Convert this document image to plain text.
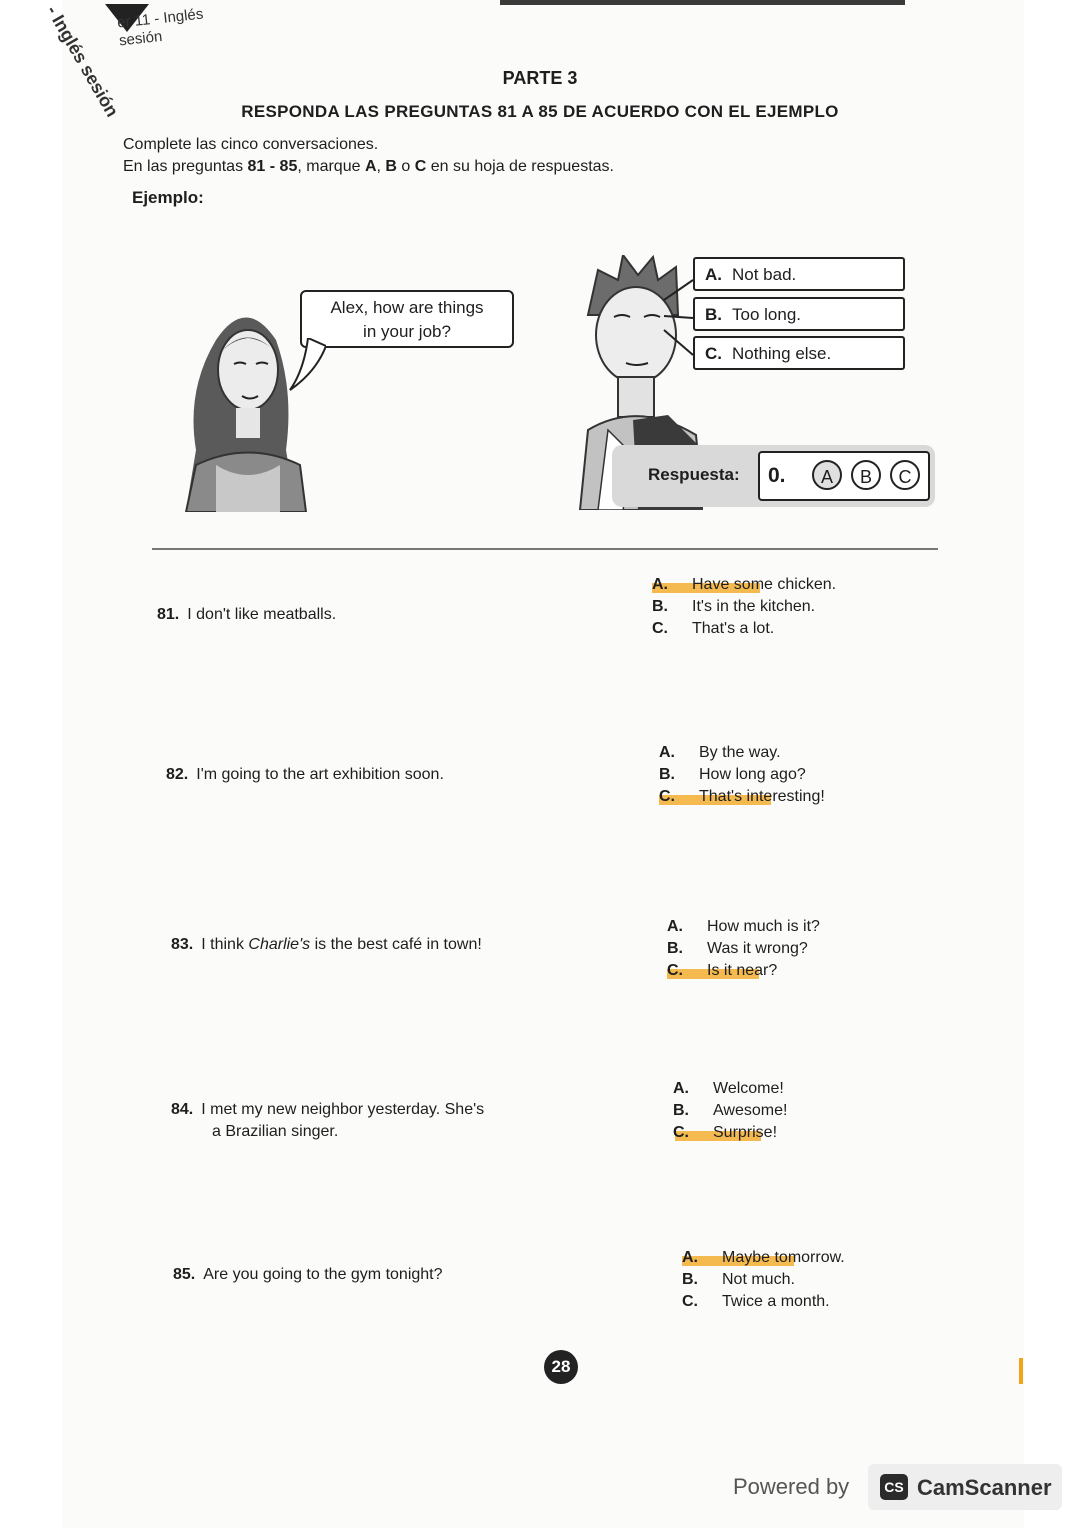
- Inglés sesión
er 11 - Inglés
sesión
PARTE 3
RESPONDA LAS PREGUNTAS 81 A 85 DE ACUERDO CON EL EJEMPLO
Complete las cinco conversaciones.
En las preguntas 81 - 85, marque A, B o C en su hoja de respuestas.
Ejemplo:
Alex, how are things
in your job?
A. Not bad.
B. Too long.
C. Nothing else.
Respuesta: 0.	A	B	C
81. I don't like meatballs.
A. Have some chicken.
B. It's in the kitchen.
C. That's a lot.
82. I'm going to the art exhibition soon.
A. By the way.
B. How long ago?
C. That's interesting!
83. I think Charlie's is the best café in town!
A. How much is it?
B. Was it wrong?
C. Is it near?
84. I met my new neighbor yesterday. She's
a Brazilian singer.
A. Welcome!
B. Awesome!
C. Surprise!
85. Are you going to the gym tonight?
A. Maybe tomorrow.
B. Not much.
C. Twice a month.
28
Powered by	CS CamScanner
